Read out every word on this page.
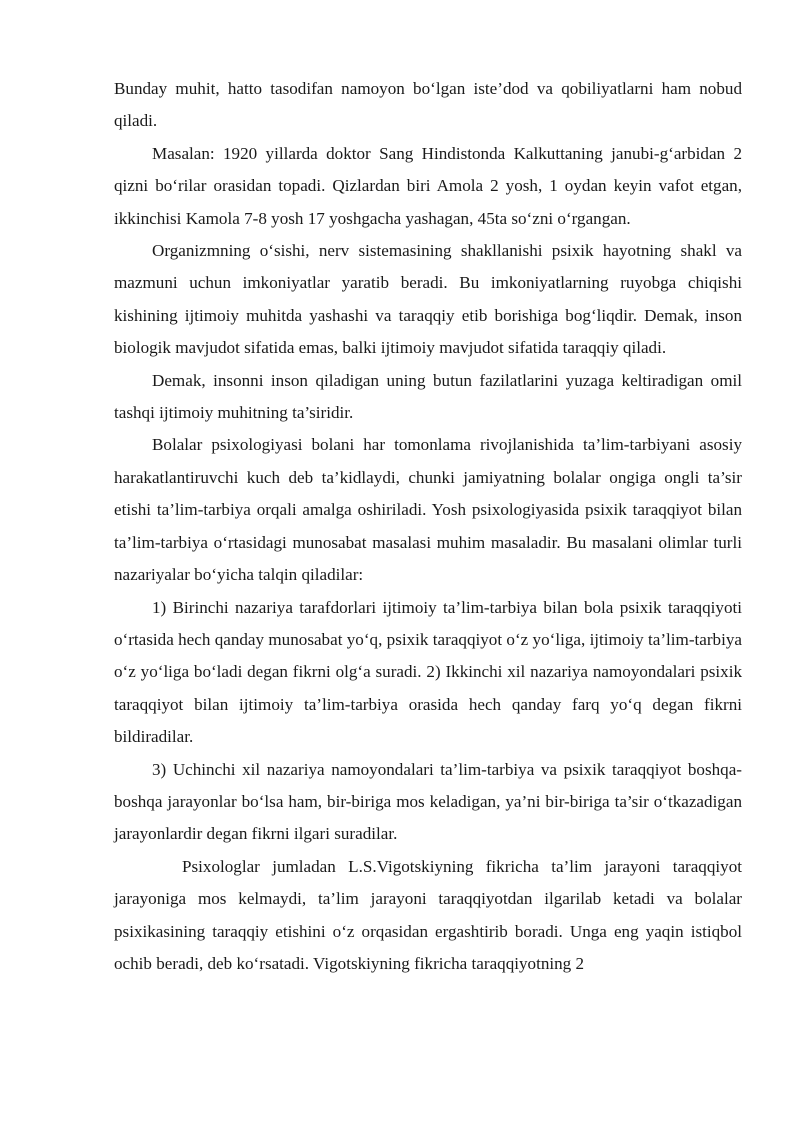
Bunday muhit, hatto tasodifan namoyon bo‘lgan iste’dod va qobiliyatlarni ham nobud qiladi.

Masalan: 1920 yillarda doktor Sang Hindistonda Kalkuttaning janubi-g‘arbidan 2 qizni bo‘rilar orasidan topadi. Qizlardan biri Amola 2 yosh, 1 oydan keyin vafot etgan, ikkinchisi Kamola 7-8 yosh 17 yoshgacha yashagan, 45ta so‘zni o‘rgangan.

Organizmning o‘sishi, nerv sistemasining shakllanishi psixik hayotning shakl va mazmuni uchun imkoniyatlar yaratib beradi. Bu imkoniyatlarning ruyobga chiqishi kishining ijtimoiy muhitda yashashi va taraqqiy etib borishiga bog‘liqdir. Demak, inson biologik mavjudot sifatida emas, balki ijtimoiy mavjudot sifatida taraqqiy qiladi.

Demak, insonni inson qiladigan uning butun fazilatlarini yuzaga keltiradigan omil tashqi ijtimoiy muhitning ta’siridir.

Bolalar psixologiyasi bolani har tomonlama rivojlanishida ta’lim-tarbiyani asosiy harakatlantiruvchi kuch deb ta’kidlaydi, chunki jamiyatning bolalar ongiga ongli ta’sir etishi ta’lim-tarbiya orqali amalga oshiriladi. Yosh psixologiyasida psixik taraqqiyot bilan ta’lim-tarbiya o‘rtasidagi munosabat masalasi muhim masaladir. Bu masalani olimlar turli nazariyalar bo‘yicha talqin qiladilar:

1) Birinchi nazariya tarafdorlari ijtimoiy ta’lim-tarbiya bilan bola psixik taraqqiyoti o‘rtasida hech qanday munosabat yo‘q, psixik taraqqiyot o‘z yo‘liga, ijtimoiy ta’lim-tarbiya o‘z yo‘liga bo‘ladi degan fikrni olg‘a suradi. 2) Ikkinchi xil nazariya namoyondalari psixik taraqqiyot bilan ijtimoiy ta’lim-tarbiya orasida hech qanday farq yo‘q degan fikrni bildiradilar.

3) Uchinchi xil nazariya namoyondalari ta’lim-tarbiya va psixik taraqqiyot boshqa-boshqa jarayonlar bo‘lsa ham, bir-biriga mos keladigan, ya’ni bir-biriga ta’sir o‘tkazadigan jarayonlardir degan fikrni ilgari suradilar.

Psixologlar jumladan L.S.Vigotskiyning fikricha ta’lim jarayoni taraqqiyot jarayoniga mos kelmaydi, ta’lim jarayoni taraqqiyotdan ilgarilab ketadi va bolalar psixikasining taraqqiy etishini o‘z orqasidan ergashtirib boradi. Unga eng yaqin istiqbol ochib beradi, deb ko‘rsatadi. Vigotskiyning fikricha taraqqiyotning 2
